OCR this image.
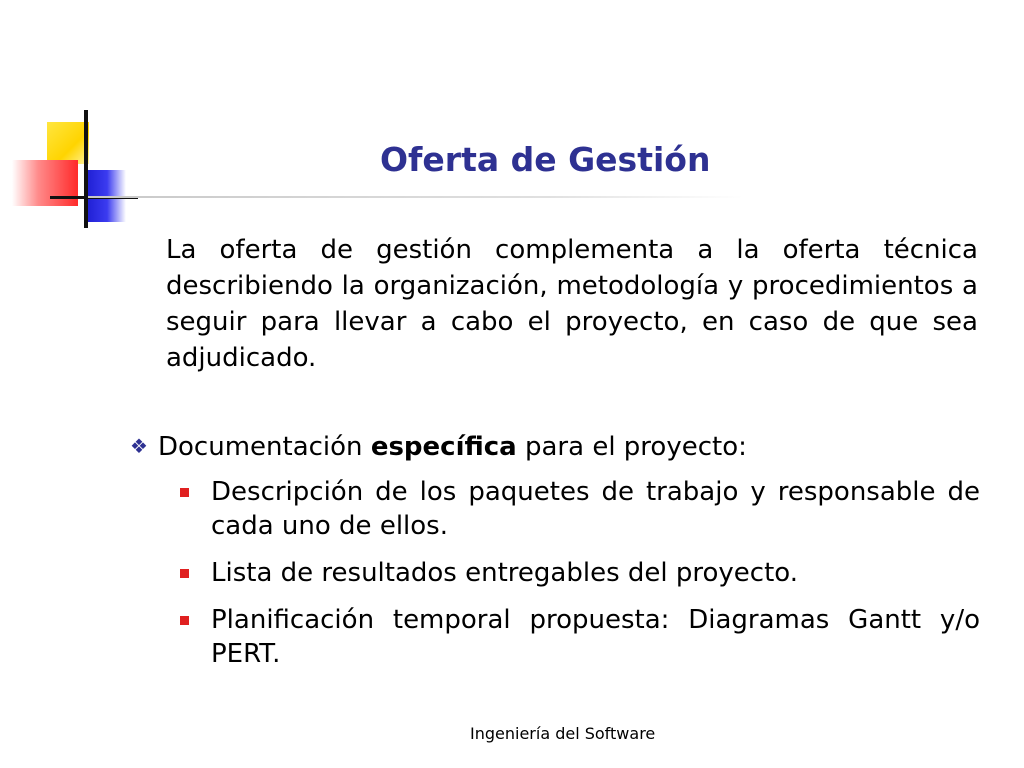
Oferta de Gestión
La oferta de gestión complementa a la oferta técnica describiendo la organización, metodología y procedimientos a seguir para llevar a cabo el proyecto, en caso de que sea adjudicado.
❖ Documentación específica para el proyecto:
Descripción de los paquetes de trabajo y responsable de cada uno de ellos.
Lista de resultados entregables del proyecto.
Planificación temporal propuesta: Diagramas Gantt y/o PERT.
Ingeniería del Software
